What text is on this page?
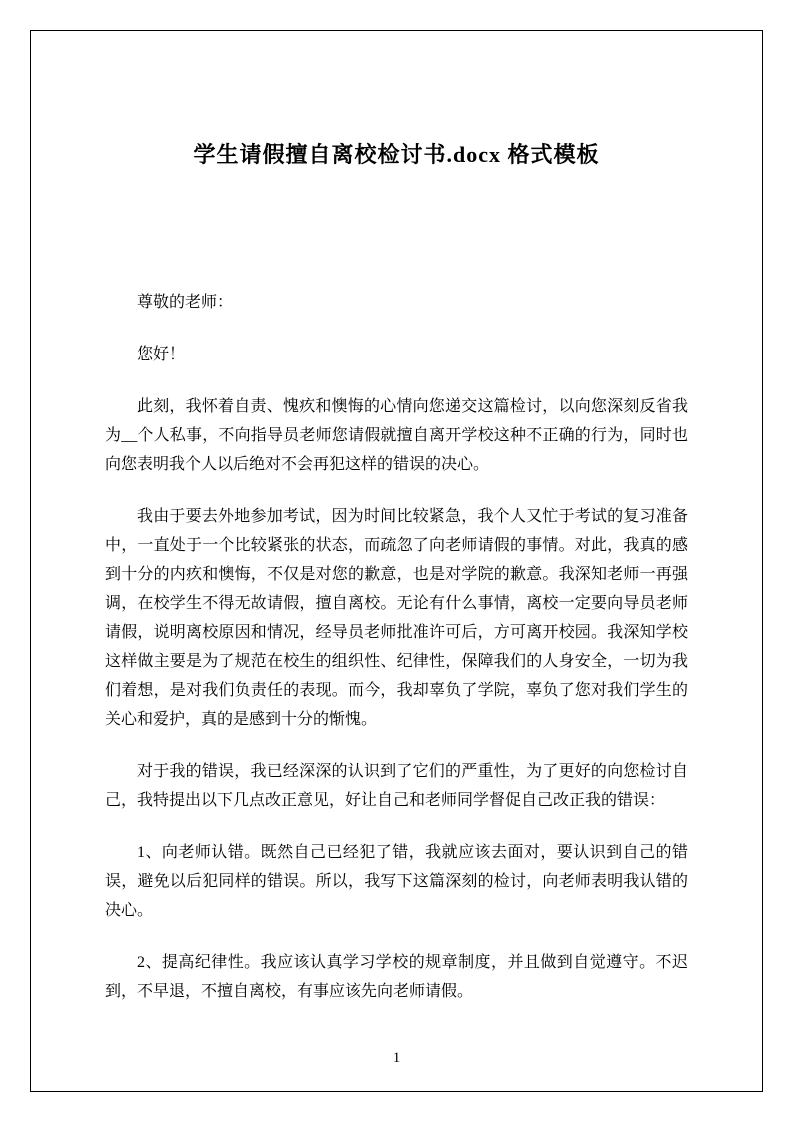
学生请假擅自离校检讨书.docx 格式模板

尊敬的老师：

您好！

此刻，我怀着自责、愧疚和懊悔的心情向您递交这篇检讨，以向您深刻反省我为__个人私事，不向指导员老师您请假就擅自离开学校这种不正确的行为，同时也向您表明我个人以后绝对不会再犯这样的错误的决心。

我由于要去外地参加考试，因为时间比较紧急，我个人又忙于考试的复习准备中，一直处于一个比较紧张的状态，而疏忽了向老师请假的事情。对此，我真的感到十分的内疚和懊悔，不仅是对您的歉意，也是对学院的歉意。我深知老师一再强调，在校学生不得无故请假，擅自离校。无论有什么事情，离校一定要向导员老师请假，说明离校原因和情况，经导员老师批准许可后，方可离开校园。我深知学校这样做主要是为了规范在校生的组织性、纪律性，保障我们的人身安全，一切为我们着想，是对我们负责任的表现。而今，我却辜负了学院，辜负了您对我们学生的关心和爱护，真的是感到十分的惭愧。

对于我的错误，我已经深深的认识到了它们的严重性，为了更好的向您检讨自己，我特提出以下几点改正意见，好让自己和老师同学督促自己改正我的错误：

1、向老师认错。既然自己已经犯了错，我就应该去面对，要认识到自己的错误，避免以后犯同样的错误。所以，我写下这篇深刻的检讨，向老师表明我认错的决心。

2、提高纪律性。我应该认真学习学校的规章制度，并且做到自觉遵守。不迟到，不早退，不擅自离校，有事应该先向老师请假。

1
